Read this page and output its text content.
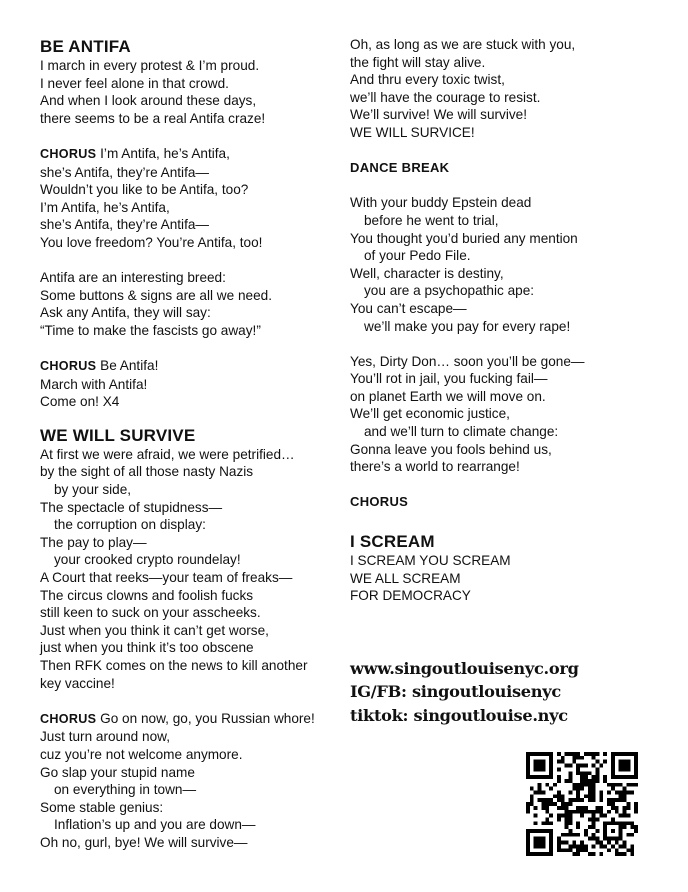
BE ANTIFA
I march in every protest & I’m proud.
I never feel alone in that crowd.
And when I look around these days,
there seems to be a real Antifa craze!
CHORUS I’m Antifa, he’s Antifa,
she’s Antifa, they’re Antifa—
Wouldn’t you like to be Antifa, too?
I’m Antifa, he’s Antifa,
she’s Antifa, they’re Antifa—
You love freedom? You’re Antifa, too!
Antifa are an interesting breed:
Some buttons & signs are all we need.
Ask any Antifa, they will say:
“Time to make the fascists go away!”
CHORUS Be Antifa!
March with Antifa!
Come on! X4
WE WILL SURVIVE
At first we were afraid, we were petrified…
by the sight of all those nasty Nazis
by your side,
The spectacle of stupidness—
the corruption on display:
The pay to play—
your crooked crypto roundelay!
A Court that reeks—your team of freaks—
The circus clowns and foolish fucks
still keen to suck on your asscheeks.
Just when you think it can’t get worse,
just when you think it’s too obscene
Then RFK comes on the news to kill another
key vaccine!
CHORUS Go on now, go, you Russian whore!
Just turn around now,
cuz you’re not welcome anymore.
Go slap your stupid name
on everything in town—
Some stable genius:
Inflation’s up and you are down—
Oh no, gurl, bye! We will survive—
Oh, as long as we are stuck with you,
the fight will stay alive.
And thru every toxic twist,
we’ll have the courage to resist.
We’ll survive! We will survive!
WE WILL SURVICE!
DANCE BREAK
With your buddy Epstein dead
before he went to trial,
You thought you’d buried any mention
of your Pedo File.
Well, character is destiny,
you are a psychopathic ape:
You can’t escape—
we’ll make you pay for every rape!
Yes, Dirty Don… soon you’ll be gone—
You’ll rot in jail, you fucking fail—
on planet Earth we will move on.
We’ll get economic justice,
and we’ll turn to climate change:
Gonna leave you fools behind us,
there’s a world to rearrange!
CHORUS
I SCREAM
I SCREAM YOU SCREAM
WE ALL SCREAM
FOR DEMOCRACY
www.singoutlouisenyc.org
IG/FB: singoutlouisenyc
tiktok: singoutlouise.nyc
